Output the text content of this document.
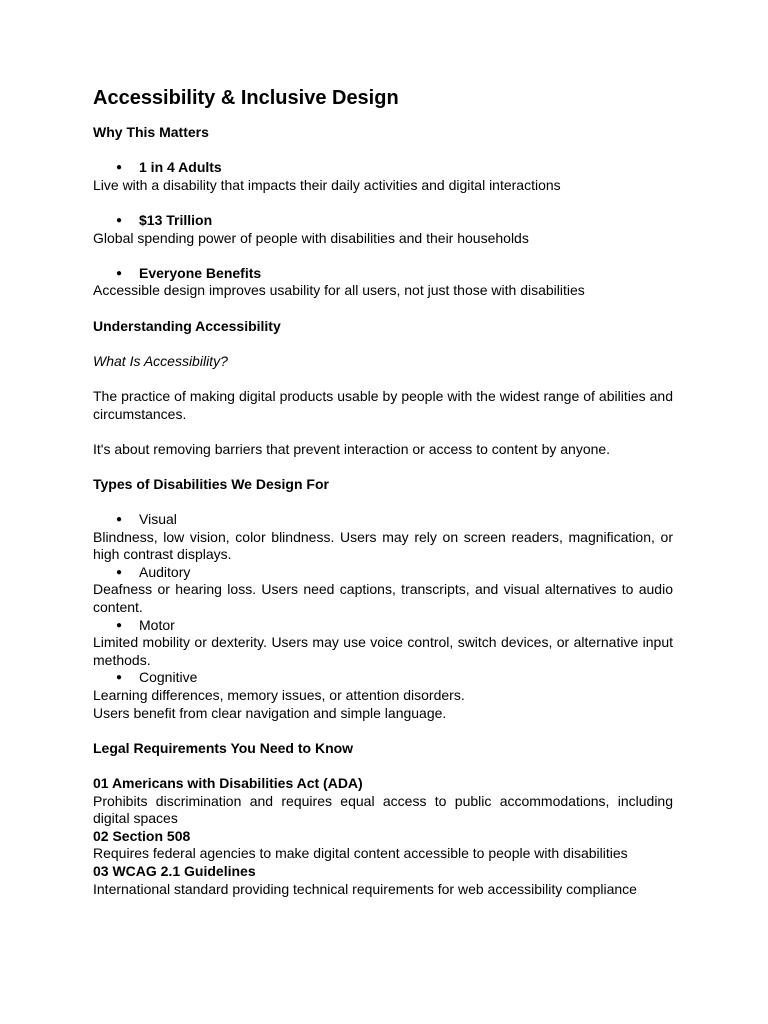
Accessibility & Inclusive Design

Why This Matters

● 1 in 4 Adults

Live with a disability that impacts their daily activities and digital interactions

● $13 Trillion

Global spending power of people with disabilities and their households

● Everyone Benefits

Accessible design improves usability for all users, not just those with disabilities

Understanding Accessibility

What Is Accessibility?

The practice of making digital products usable by people with the widest range of abilities and circumstances.

It's about removing barriers that prevent interaction or access to content by anyone.

Types of Disabilities We Design For

● Visual

Blindness, low vision, color blindness. Users may rely on screen readers, magnification, or high contrast displays.

● Auditory

Deafness or hearing loss. Users need captions, transcripts, and visual alternatives to audio content.

● Motor

Limited mobility or dexterity. Users may use voice control, switch devices, or alternative input methods.

● Cognitive

Learning differences, memory issues, or attention disorders.

Users benefit from clear navigation and simple language.

Legal Requirements You Need to Know

01 Americans with Disabilities Act (ADA)

Prohibits discrimination and requires equal access to public accommodations, including digital spaces

02 Section 508

Requires federal agencies to make digital content accessible to people with disabilities

03 WCAG 2.1 Guidelines

International standard providing technical requirements for web accessibility compliance
